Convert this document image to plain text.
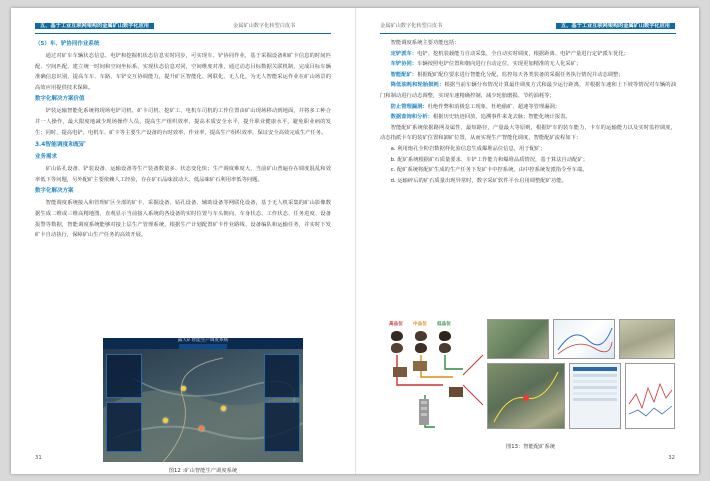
五、基于工业互联网架构的金属矿山数字化应用	金属矿山数字化转型白皮书
（5）车、铲协同作业系统

通过对矿车车辆状态信息、电铲和挖掘机状态信息实时同步，可实现车、铲协同作业，基于采掘设备和矿卡信息的时间匹配、空间匹配，建立统一时间和空间坐标系，实现状态信息对同，空间维度对准，通过动态目标数据关联机制，完成目标车辆准确信息识别，提高车车、车路、车铲交互协调能力，提升矿区智能化、网联化、无人化，为无人智能采运作业在矿山场景的高效应用提供技术保障。

数字化解决方案价值

铲装运输智能化系统将现场电铲司机、矿卡司机、挖矿工、电机车司机的工作位置由矿山现场移动到地面，并将多工种合并一人操作，最大限度地减少现场操作人员，提高生产组织效率，提高本质安全水平，提升职业健康水平，避免职业病的发生；同时，提高电铲、电机车、矿卡等主要生产设备的台时效率、作业率，提高生产组织效率，保证安全高效完成生产任务。

3.4智能调度和配矿
业务需求

矿山钻孔设备、铲装设备、运输设备等生产装备数量多、状态变化快；生产调度难度大，当前矿山普遍存在调度混乱和效率低下等问题，另外配矿主要依赖人工经验，存在矿石品味波动大、低品味矿石利用率低等问题。

数字化解决方案

智能调度系统接入和管理矿区全部的矿卡、采掘设备、钻孔设备、辅助设备等网联化设备，基于无人机采集的矿山影像数据生成二维或三维高精地图，直观显示当前接入系统的各设备的实时位置与车头朝向、车身状态、工作状态、任务进度、设备报警等数据，智能调度系统能够对接上层生产管理系统，根据生产计划配置矿卡作业路线、设备编队和运输任务，并实时下发矿卡自动执行，保障矿山生产任务的高效开展。

露天矿智能生产调度系统
图12 :矿山智能生产调度系统
31
金属矿山数字化转型白皮书	五、基于工业互联网架构的金属矿山数字化应用

智能调度系统主要功能包括：

定铲派车：电铲、挖机装载能力自动采集，全自动实时调度，根据距离、电铲产量进行定铲派车优化；

车铲协同：车辆按照电铲位置和朝向进行自动定位，实现更加精准的无人化采矿；

智能配矿：根据配矿配位要求进行智能化分配，监控每天各类装备的采掘任务执行情况并动态调整；

降低油耗和轮胎损耗：根据当前车辆分布情况计算最佳调度方式和最少运行距离，并根据车速和上下坡等情况对车辆的油门和制动进行动态调整，实现车速精确控制，减少轮胎磨损、节约油耗等；

防止管理漏洞：杜绝作弊和消极怠工现象，杜绝偷矿、超速等管理漏洞；

数据查询和分析：根据历史轨迹回放，追溯事件来龙去脉；智能化统计报表。

智能配矿系统依据路网及属性，最短路径，产量最大等原则，根据铲车的装车能力，卡车的运输能力以及实时监控调度，动态指派卡车的装矿位置和卸矿位置，从而实现生产智能化调度，智能配矿流程如下：

a. 利用炮孔全粉岩数据样化验信息生成爆堆品位信息，用于配矿；
b. 配矿系统根据矿石质量要求、车铲工作能力和爆堆品质情况，基于算法自动配矿；
c. 配矿系统将配矿生成的生产任务下发矿卡中控系统，由中控系统发派指令至车端。
d. 运输碎后的矿石质量出现异常时，数字采矿软件平台启用调整配矿功能。
高品位 中品位 低品位
图13：智能配矿系统
32
